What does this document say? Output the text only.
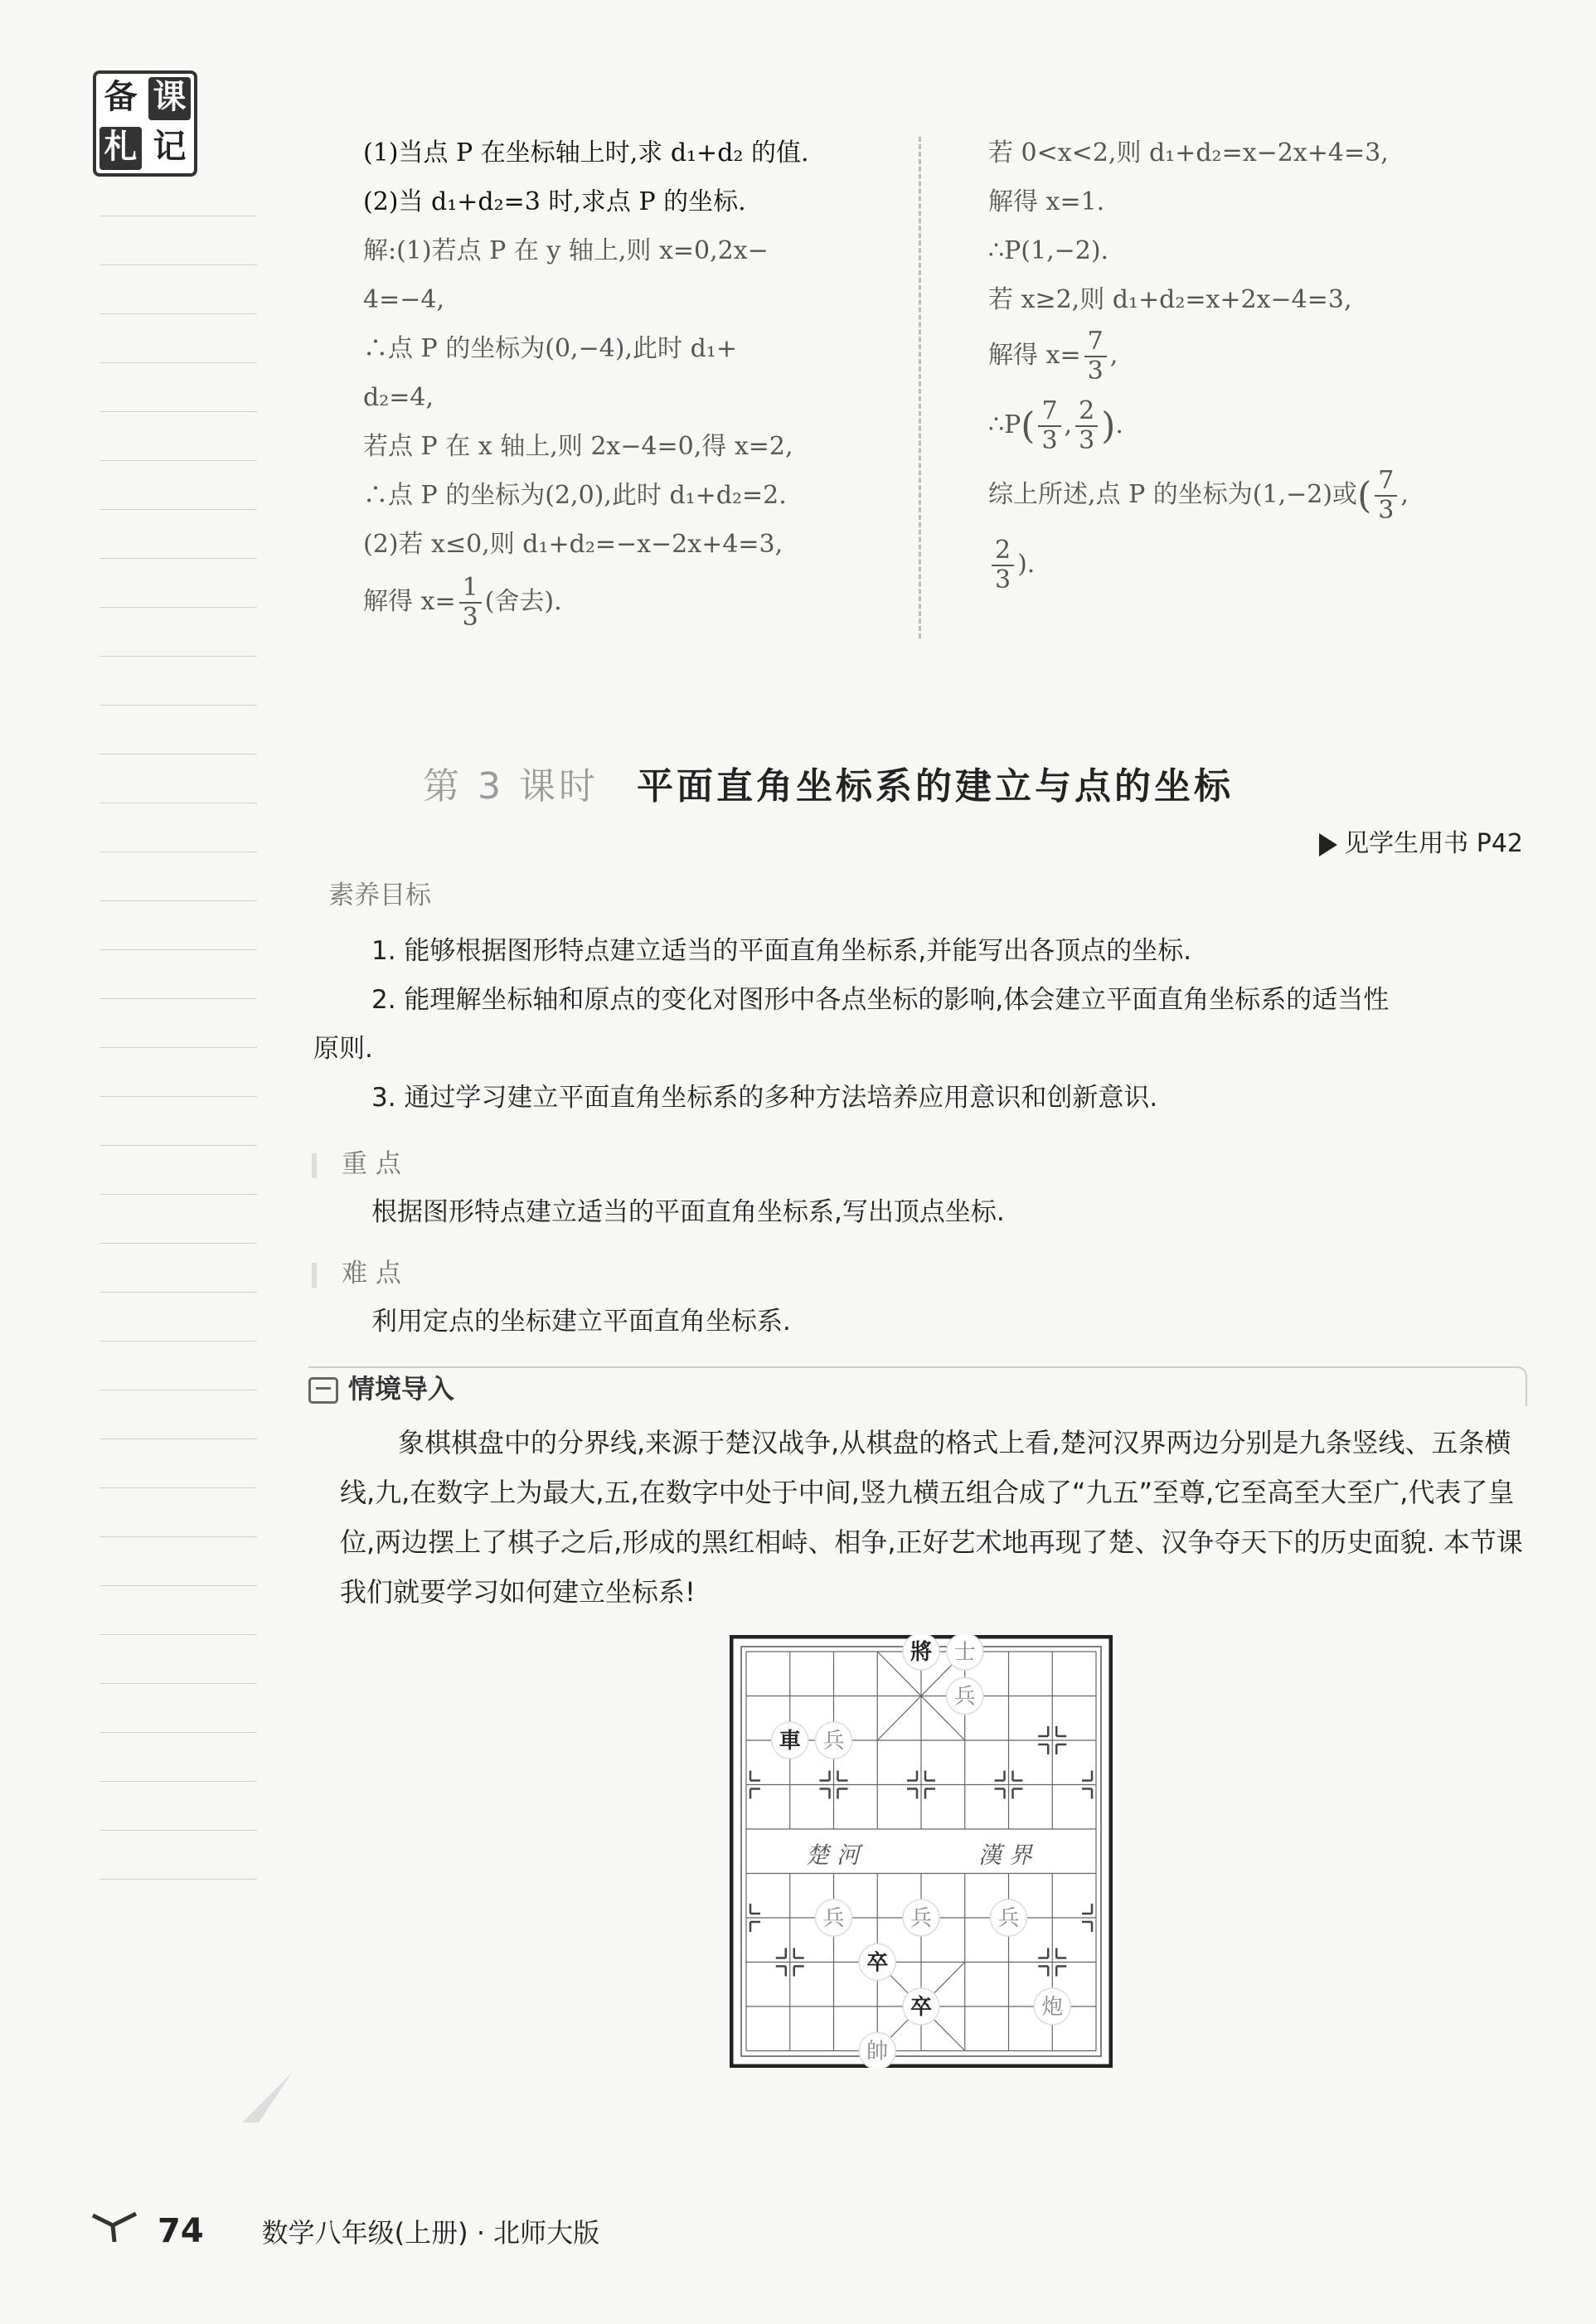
备 课
札 记	(1)当点 P 在坐标轴上时,求 d₁+d₂ 的值.
(2)当 d₁+d₂=3 时,求点 P 的坐标.
解:(1)若点 P 在 y 轴上,则 x=0,2x−
4=−4,
∴点 P 的坐标为(0,−4),此时 d₁+
d₂=4,
若点 P 在 x 轴上,则 2x−4=0,得 x=2,
∴点 P 的坐标为(2,0),此时 d₁+d₂=2.
(2)若 x≤0,则 d₁+d₂=−x−2x+4=3,
解得 $x= \frac{1}{3}$ (舍去).
若 0<x<2,则 d₁+d₂=x−2x+4=3,
解得 x=1.
∴P(1,−2).
若 x≥2,则 d₁+d₂=x+2x−4=3,
解得 $x= \frac{7}{3}$ ,
∴P( $\frac{7}{3}$ , $\frac{2}{3}$ ).
综上所述,点 P 的坐标为(1,−2)或( $\frac{7}{3}$ ,
$\frac{2}{3}$ ).
第 3 课时 平面直角坐标系的建立与点的坐标
见学生用书 P42
素养目标

1. 能够根据图形特点建立适当的平面直角坐标系,并能写出各顶点的坐标.

2. 能理解坐标轴和原点的变化对图形中各点坐标的影响,体会建立平面直角坐标系的适当性

原则.

3. 通过学习建立平面直角坐标系的多种方法培养应用意识和创新意识.

重 点
根据图形特点建立适当的平面直角坐标系,写出顶点坐标.
难 点
利用定点的坐标建立平面直角坐标系.
情境导入

象棋棋盘中的分界线,来源于楚汉战争,从棋盘的格式上看,楚河汉界两边分别是九条竖线、五条横线,九,在数字上为最大,五,在数字中处于中间,竖九横五组合成了“九五”至尊,它至高至大至广,代表了皇位,两边摆上了棋子之后,形成的黑红相峙、相争,正好艺术地再现了楚、汉争夺天下的历史面貌. 本节课我们就要学习如何建立坐标系!

將 士
兵
車 兵
兵	兵	兵
卒
卒	炮
帥
楚 河	漢 界
74 数学八年级(上册) · 北师大版
